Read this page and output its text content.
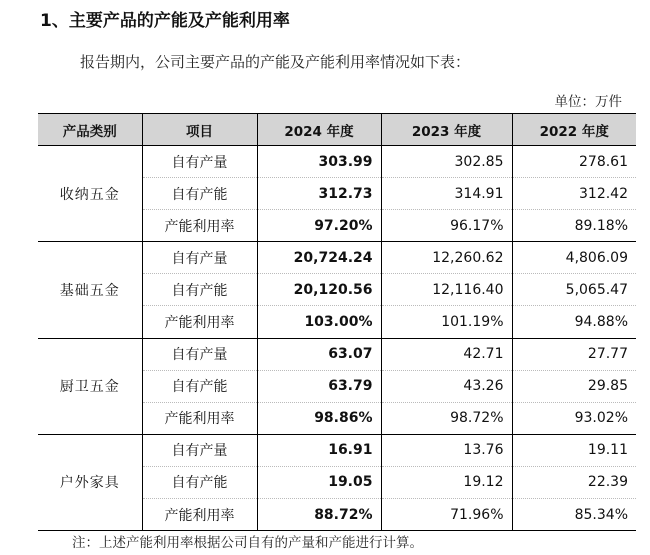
1、主要产品的产能及产能利用率

报告期内，公司主要产品的产能及产能利用率情况如下表：

单位：万件

产品类别	项目	2024 年度	2023 年度	2022 年度
收纳五金	自有产量	303.99	302.85	278.61
	自有产能	312.73	314.91	312.42
	产能利用率	97.20%	96.17%	89.18%
基础五金	自有产量	20,724.24	12,260.62	4,806.09
	自有产能	20,120.56	12,116.40	5,065.47
	产能利用率	103.00%	101.19%	94.88%
厨卫五金	自有产量	63.07	42.71	27.77
	自有产能	63.79	43.26	29.85
	产能利用率	98.86%	98.72%	93.02%
户外家具	自有产量	16.91	13.76	19.11
	自有产能	19.05	19.12	22.39
	产能利用率	88.72%	71.96%	85.34%

注：上述产能利用率根据公司自有的产量和产能进行计算。
